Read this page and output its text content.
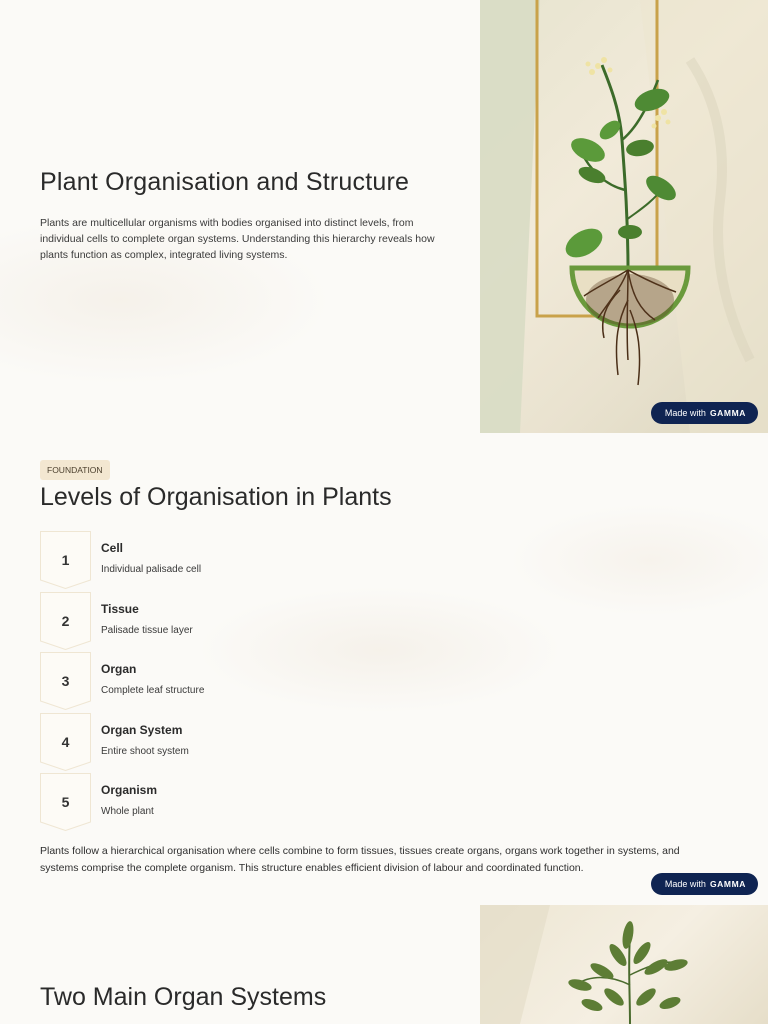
Plant Organisation and Structure

Plants are multicellular organisms with bodies organised into distinct levels, from individual cells to complete organ systems. Understanding this hierarchy reveals how plants function as complex, integrated living systems.

Made with GAMMA
FOUNDATION
Levels of Organisation in Plants
1
Cell
Individual palisade cell
2
Tissue
Palisade tissue layer
3
Organ
Complete leaf structure
4
Organ System
Entire shoot system
5
Organism
Whole plant

Plants follow a hierarchical organisation where cells combine to form tissues, tissues create organs, organs work together in systems, and systems comprise the complete organism. This structure enables efficient division of labour and coordinated function.

Made with GAMMA
Two Main Organ Systems
